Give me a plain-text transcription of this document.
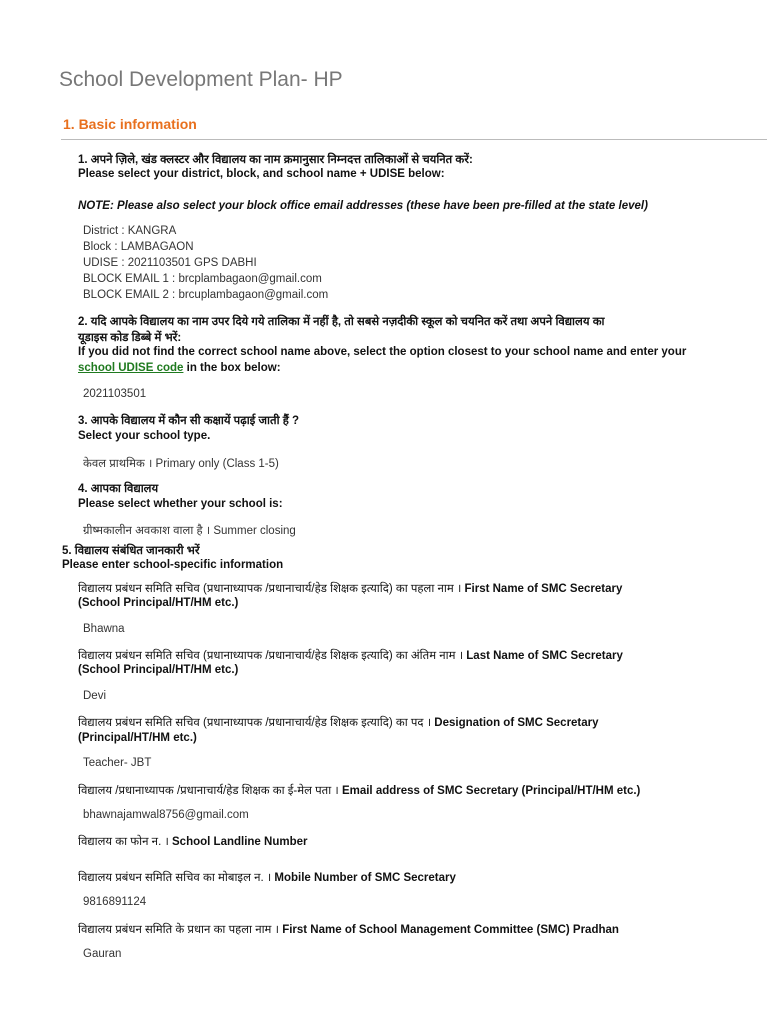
School Development Plan- HP
1. Basic information
1. अपने ज़िले, खंड क्लस्टर और विद्यालय का नाम क्रमानुसार निम्नदत्त तालिकाओं से चयनित करें:
Please select your district, block, and school name + UDISE below:
NOTE: Please also select your block office email addresses (these have been pre-filled at the state level)
District : KANGRA
Block : LAMBAGAON
UDISE : 2021103501 GPS DABHI
BLOCK EMAIL 1 : brcplambagaon@gmail.com
BLOCK EMAIL 2 : brcuplambagaon@gmail.com
2. यदि आपके विद्यालय का नाम उपर दिये गये तालिका में नहीं है, तो सबसे नज़दीकी स्कूल को चयनित करें तथा अपने विद्यालय का
यूडाइस कोड डिब्बे में भरें:
If you did not find the correct school name above, select the option closest to your school name and enter your
school UDISE code in the box below:
2021103501
3. आपके विद्यालय में कौन सी कक्षायें पढ़ाई जाती हैं ?
Select your school type.
केवल प्राथमिक । Primary only (Class 1-5)
4. आपका विद्यालय
Please select whether your school is:
ग्रीष्मकालीन अवकाश वाला है । Summer closing
5. विद्यालय संबंधित जानकारी भरें
Please enter school-specific information
विद्यालय प्रबंधन समिति सचिव (प्रधानाध्यापक /प्रधानाचार्य/हेड शिक्षक इत्यादि) का पहला नाम । First Name of SMC Secretary
(School Principal/HT/HM etc.)
Bhawna
विद्यालय प्रबंधन समिति सचिव (प्रधानाध्यापक /प्रधानाचार्य/हेड शिक्षक इत्यादि) का अंतिम नाम । Last Name of SMC Secretary
(School Principal/HT/HM etc.)
Devi
विद्यालय प्रबंधन समिति सचिव (प्रधानाध्यापक /प्रधानाचार्य/हेड शिक्षक इत्यादि) का पद । Designation of SMC Secretary
(Principal/HT/HM etc.)
Teacher- JBT
विद्यालय /प्रधानाध्यापक /प्रधानाचार्य/हेड शिक्षक का ई-मेल पता । Email address of SMC Secretary (Principal/HT/HM etc.)
bhawnajamwal8756@gmail.com
विद्यालय का फोन न. । School Landline Number
विद्यालय प्रबंधन समिति सचिव का मोबाइल न. । Mobile Number of SMC Secretary
9816891124
विद्यालय प्रबंधन समिति के प्रधान का पहला नाम । First Name of School Management Committee (SMC) Pradhan
Gauran
